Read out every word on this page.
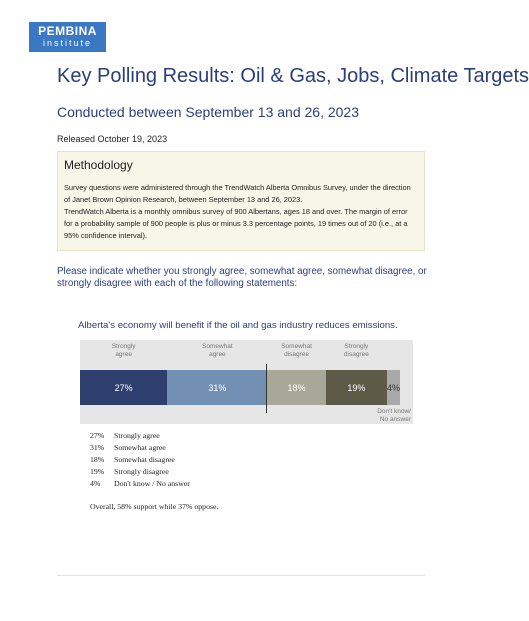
PEMBINA
institute
Key Polling Results: Oil & Gas, Jobs, Climate Targets
Conducted between September 13 and 26, 2023
Released October 19, 2023
Methodology

Survey questions were administered through the TrendWatch Alberta Omnibus Survey, under the direction of Janet Brown Opinion Research, between September 13 and 26, 2023.

TrendWatch Alberta is a monthly omnibus survey of 900 Albertans, ages 18 and over. The margin of error for a probability sample of 900 people is plus or minus 3.3 percentage points, 19 times out of 20 (i.e., at a 95% confidence interval).

Please indicate whether you strongly agree, somewhat agree, somewhat disagree, or strongly disagree with each of the following statements:
Alberta's economy will benefit if the oil and gas industry reduces emissions.
27%
Strongly
agree
31%
Somewhat
agree
18%
Somewhat
disagree
19%
Strongly
disagree
4%
Don't know/
No answer
27% Strongly agree
31% Somewhat agree
18% Somewhat disagree
19% Strongly disagree
4% Don't know / No answer
Overall, 58% support while 37% oppose.
